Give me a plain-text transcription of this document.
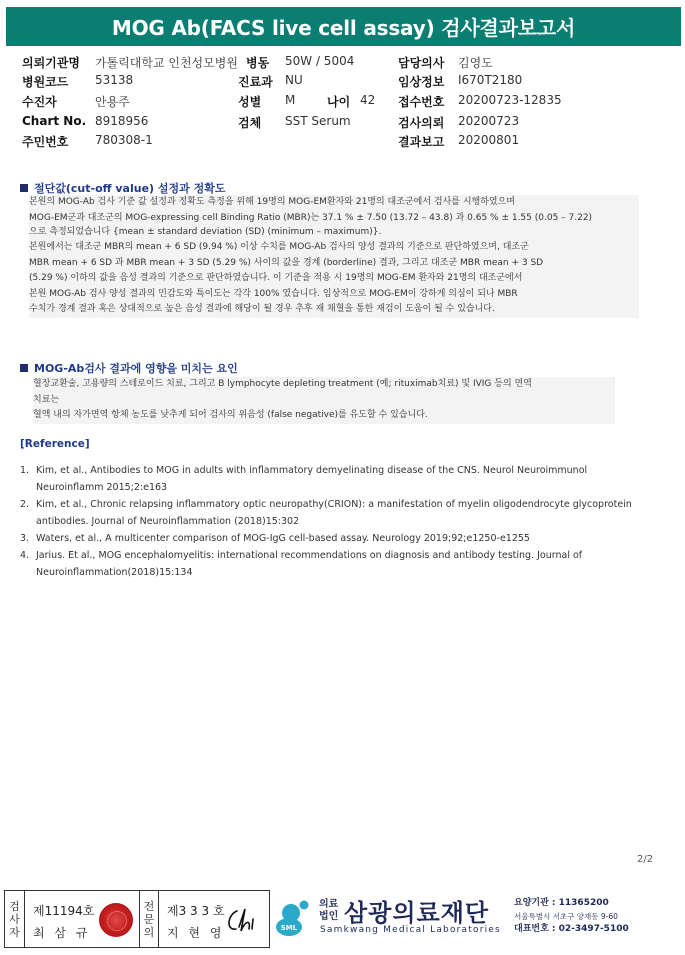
MOG Ab(FACS live cell assay) 검사결과보고서
의뢰기관명 가톨릭대학교 인천성모병원 병동 50W / 5004	담당의사 김영도
병원코드 53138	진료과 NU	임상정보 I670T2180
수진자	안용주	성별 M	나이 42 접수번호 20200723-12835
Chart No. 8918956	검체 SST Serum	검사의뢰 20200723
주민번호 780308-1	결과보고 20200801
절단값(cut-off value) 설정과 정확도
본원의 MOG-Ab 검사 기준 값 설정과 정확도 측정을 위해 19명의 MOG-EM환자와 21명의 대조군에서 검사를 시행하였으며
MOG-EM군과 대조군의 MOG-expressing cell Binding Ratio (MBR)는 37.1 % ± 7.50 (13.72 – 43.8) 과 0.65 % ± 1.55 (0.05 – 7.22)
으로 측정되었습니다 {mean ± standard deviation (SD) (minimum – maximum)}.
본원에서는 대조군 MBR의 mean + 6 SD (9.94 %) 이상 수치를 MOG-Ab 검사의 양성 결과의 기준으로 판단하였으며, 대조군
MBR mean + 6 SD 과 MBR mean + 3 SD (5.29 %) 사이의 값을 경계 (borderline) 결과, 그리고 대조군 MBR mean + 3 SD
(5.29 %) 이하의 값을 음성 결과의 기준으로 판단하였습니다. 이 기준을 적용 시 19명의 MOG-EM 환자와 21명의 대조군에서
본원 MOG-Ab 검사 양성 결과의 민감도와 특이도는 각각 100% 였습니다. 임상적으로 MOG-EM이 강하게 의심이 되나 MBR
수치가 경계 결과 혹은 상대적으로 높은 음성 결과에 해당이 될 경우 추후 재 채혈을 통한 재검이 도움이 될 수 있습니다.
MOG-Ab검사 결과에 영향을 미치는 요인
혈장교환술, 고용량의 스테로이드 치료, 그리고 B lymphocyte depleting treatment (예; rituximab치료) 및 IVIG 등의 면역
치료는
혈액 내의 자가면역 항체 농도를 낮추게 되어 검사의 위음성 (false negative)를 유도할 수 있습니다.
[Reference]
1. Kim, et al., Antibodies to MOG in adults with inflammatory demyelinating disease of the CNS. Neurol Neuroimmunol Neuroinflamm 2015;2:e163
2. Kim, et al., Chronic relapsing inflammatory optic neuropathy(CRION): a manifestation of myelin oligodendrocyte glycoprotein antibodies. Journal of Neuroinflammation (2018)15:302
3. Waters, et al., A multicenter comparison of MOG-IgG cell-based assay. Neurology 2019;92;e1250-e1255
4. Jarius. Et al., MOG encephalomyelitis: international recommendations on diagnosis and antibody testing. Journal of Neuroinflammation(2018)15:134
2/2
검
사
자
제11194호
최 삼 규
전
문
의
제3 3 3 호
지 현 영	SML
의료
법인 삼광의료재단
Samkwang Medical Laboratories
요양기관 : 11365200
서울특별시 서초구 양재동 9-60
대표번호 : 02-3497-5100
